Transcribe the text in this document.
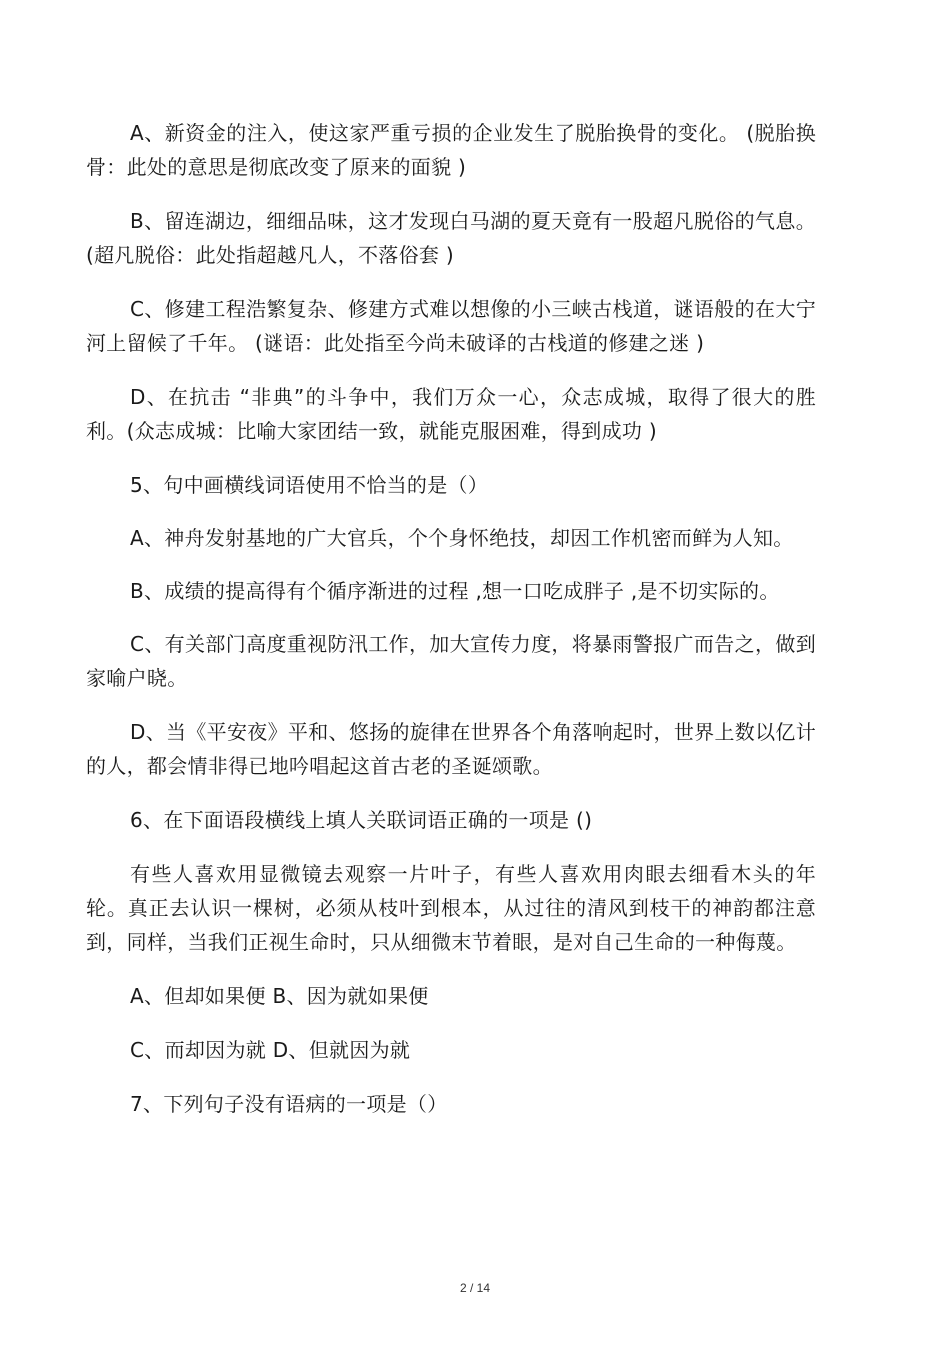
A、新资金的注入，使这家严重亏损的企业发生了脱胎换骨的变化。 (脱胎换骨：此处的意思是彻底改变了原来的面貌 )

B、留连湖边，细细品味，这才发现白马湖的夏天竟有一股超凡脱俗的气息。(超凡脱俗：此处指超越凡人，不落俗套 )

C、修建工程浩繁复杂、修建方式难以想像的小三峡古栈道，谜语般的在大宁河上留候了千年。 (谜语：此处指至今尚未破译的古栈道的修建之迷 )

D、在抗击 “非典”的斗争中，我们万众一心，众志成城，取得了很大的胜利。(众志成城：比喻大家团结一致，就能克服困难，得到成功 )

5、句中画横线词语使用不恰当的是（）

A、神舟发射基地的广大官兵，个个身怀绝技，却因工作机密而鲜为人知。

B、成绩的提高得有个循序渐进的过程 ,想一口吃成胖子 ,是不切实际的。

C、有关部门高度重视防汛工作，加大宣传力度，将暴雨警报广而告之，做到家喻户晓。

D、当《平安夜》平和、悠扬的旋律在世界各个角落响起时，世界上数以亿计的人，都会情非得已地吟唱起这首古老的圣诞颂歌。

6、在下面语段横线上填人关联词语正确的一项是 ()

有些人喜欢用显微镜去观察一片叶子，有些人喜欢用肉眼去细看木头的年轮。真正去认识一棵树，必须从枝叶到根本，从过往的清风到枝干的神韵都注意到，同样，当我们正视生命时，只从细微末节着眼，是对自己生命的一种侮蔑。

A、但却如果便 B、因为就如果便

C、而却因为就 D、但就因为就

7、下列句子没有语病的一项是（）

2 / 14
